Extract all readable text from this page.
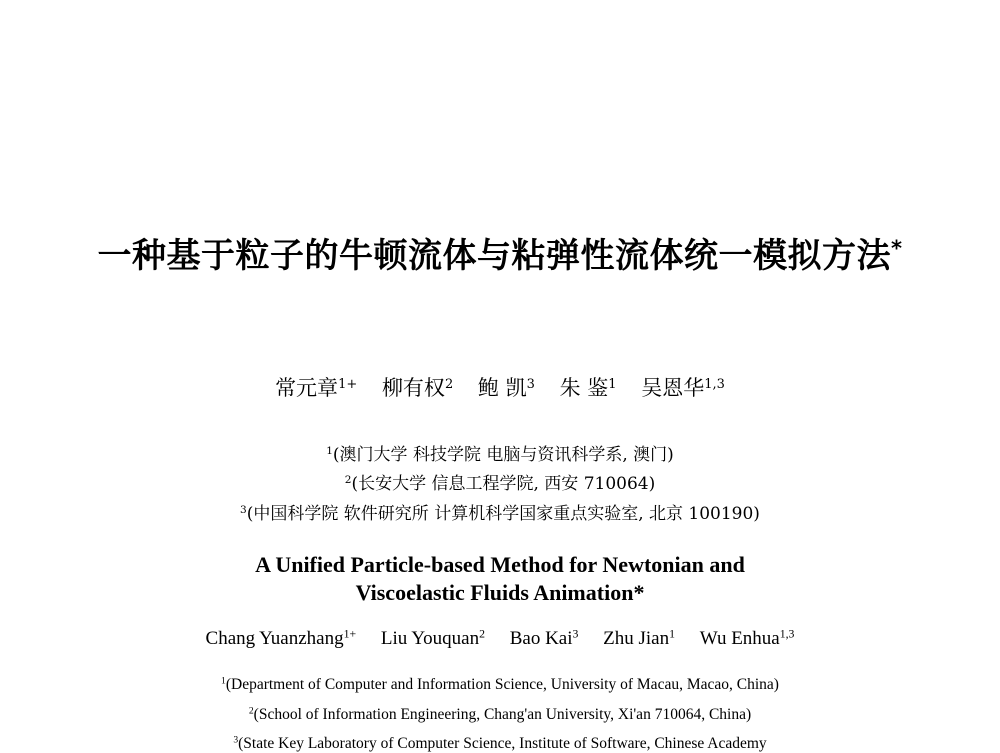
一种基于粒子的牛顿流体与粘弹性流体统一模拟方法*
常元章$^{1+}$ 柳有权$^2$ 鲍 凯$^3$ 朱 鉴$^1$ 吴恩华$^{1,3}$
$^1$(澳门大学 科技学院 电脑与资讯科学系, 澳门)
$^2$(长安大学 信息工程学院, 西安 710064)
$^3$(中国科学院 软件研究所 计算机科学国家重点实验室, 北京 100190)
A Unified Particle-based Method for Newtonian and
Viscoelastic Fluids Animation*
Chang Yuanzhang$^{1+}$ Liu Youquan$^2$ Bao Kai$^3$ Zhu Jian$^1$ Wu Enhua$^{1,3}$
$^1$(Department of Computer and Information Science, University of Macau, Macao, China)
$^2$(School of Information Engineering, Chang'an University, Xi'an 710064, China)
$^3$(State Key Laboratory of Computer Science, Institute of Software, Chinese Academy
